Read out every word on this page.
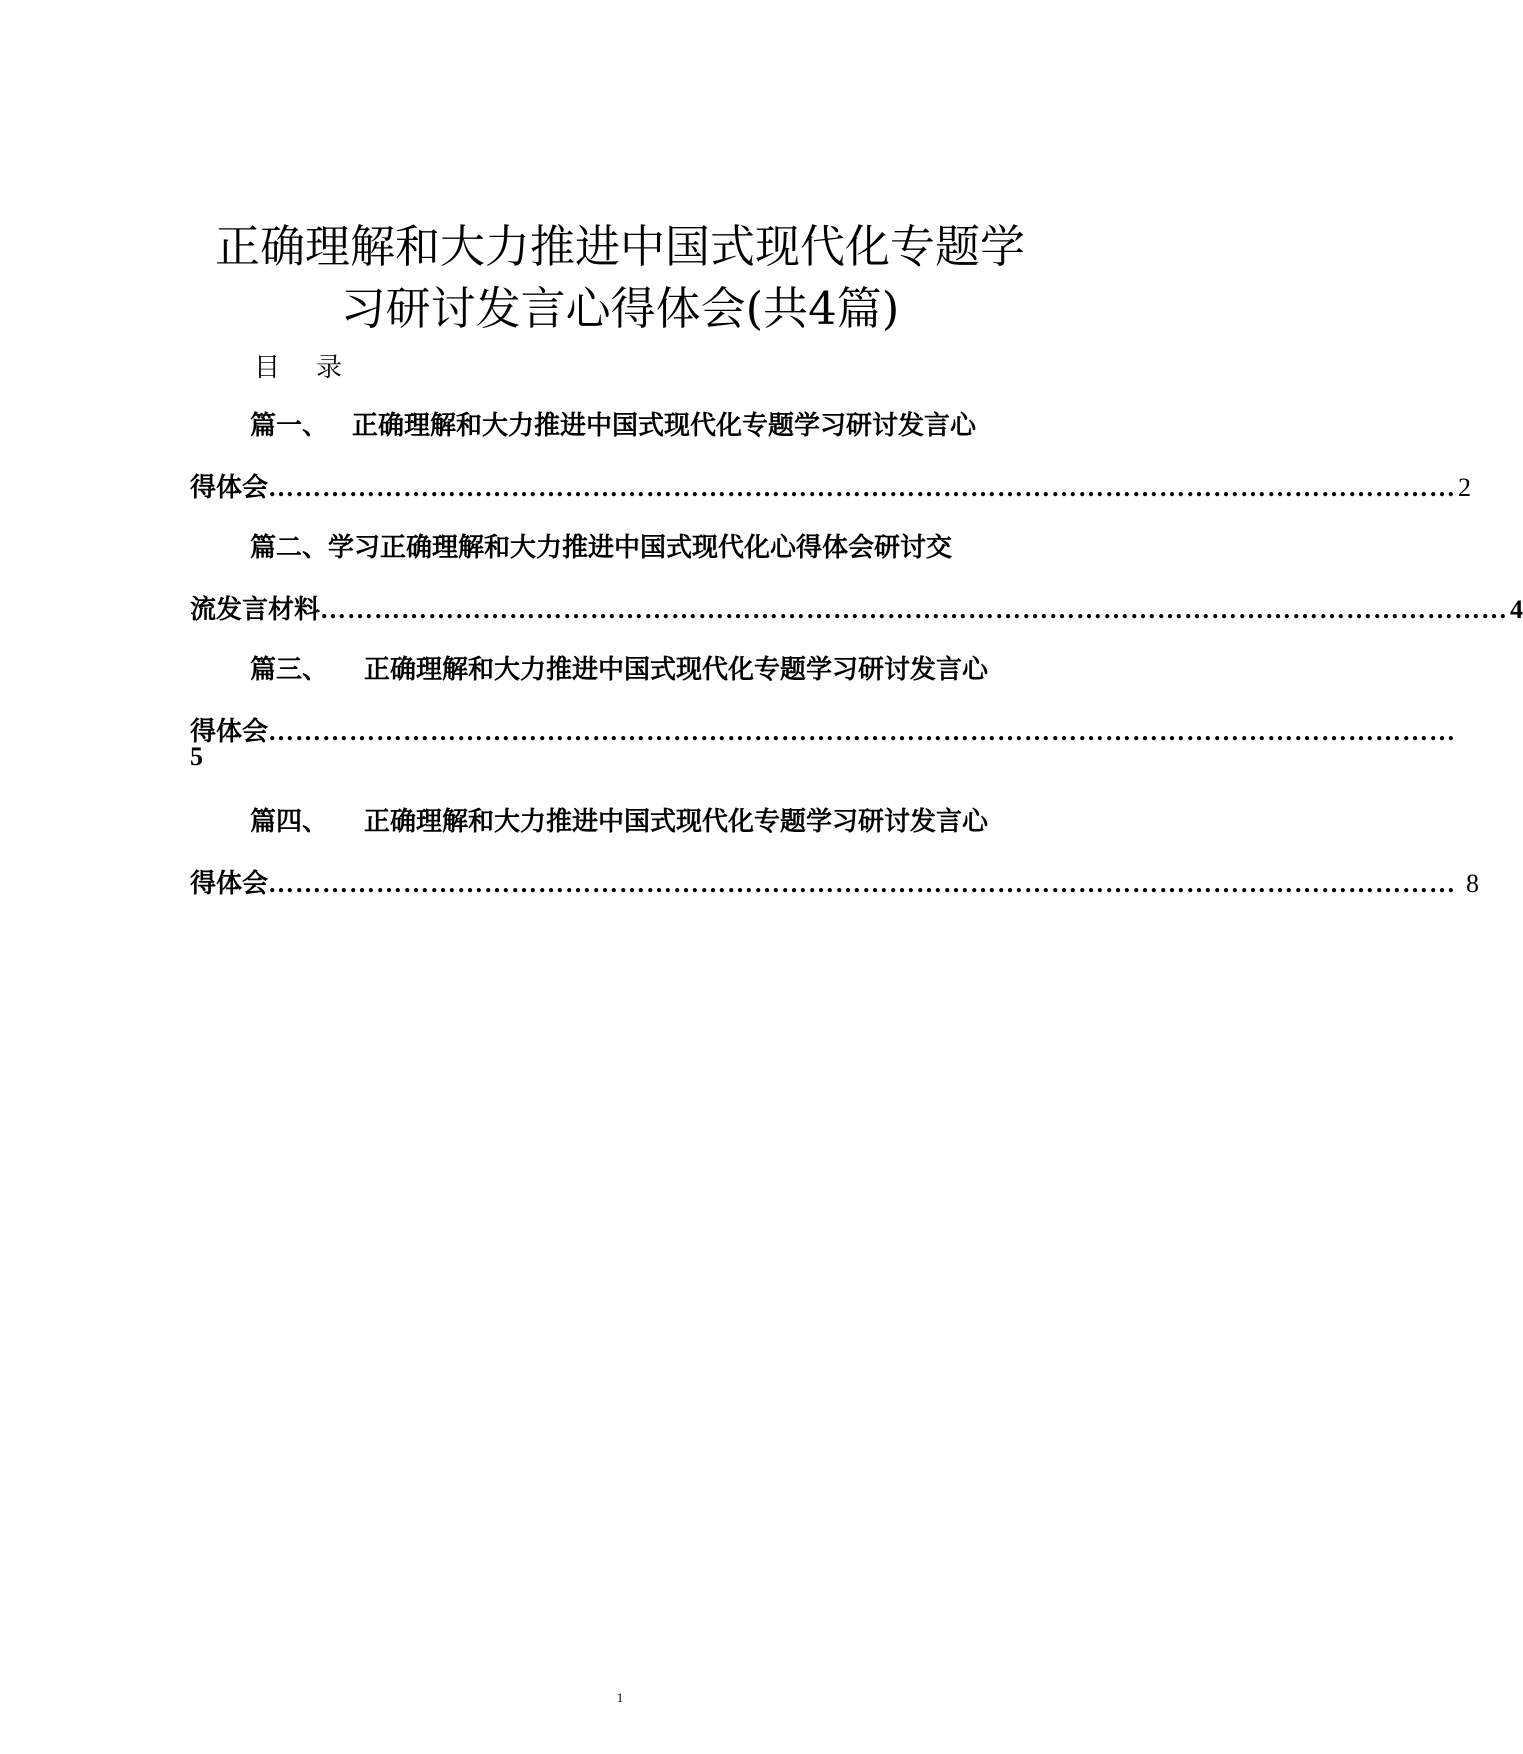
正确理解和大力推进中国式现代化专题学
习研讨发言心得体会(共4篇)
目 录
篇一、 正确理解和大力推进中国式现代化专题学习研讨发言心
得体会 …………………………………………………………………………………………………………………… 2
篇二、学习正确理解和大力推进中国式现代化心得体会研讨交
流发言材料 …………………………………………………………………………………………………………………… 4
篇三、 正确理解和大力推进中国式现代化专题学习研讨发言心
得体会 ……………………………………………………………………………………………………………………
5
篇四、 正确理解和大力推进中国式现代化专题学习研讨发言心
得体会 …………………………………………………………………………………………………………………… 8
1
